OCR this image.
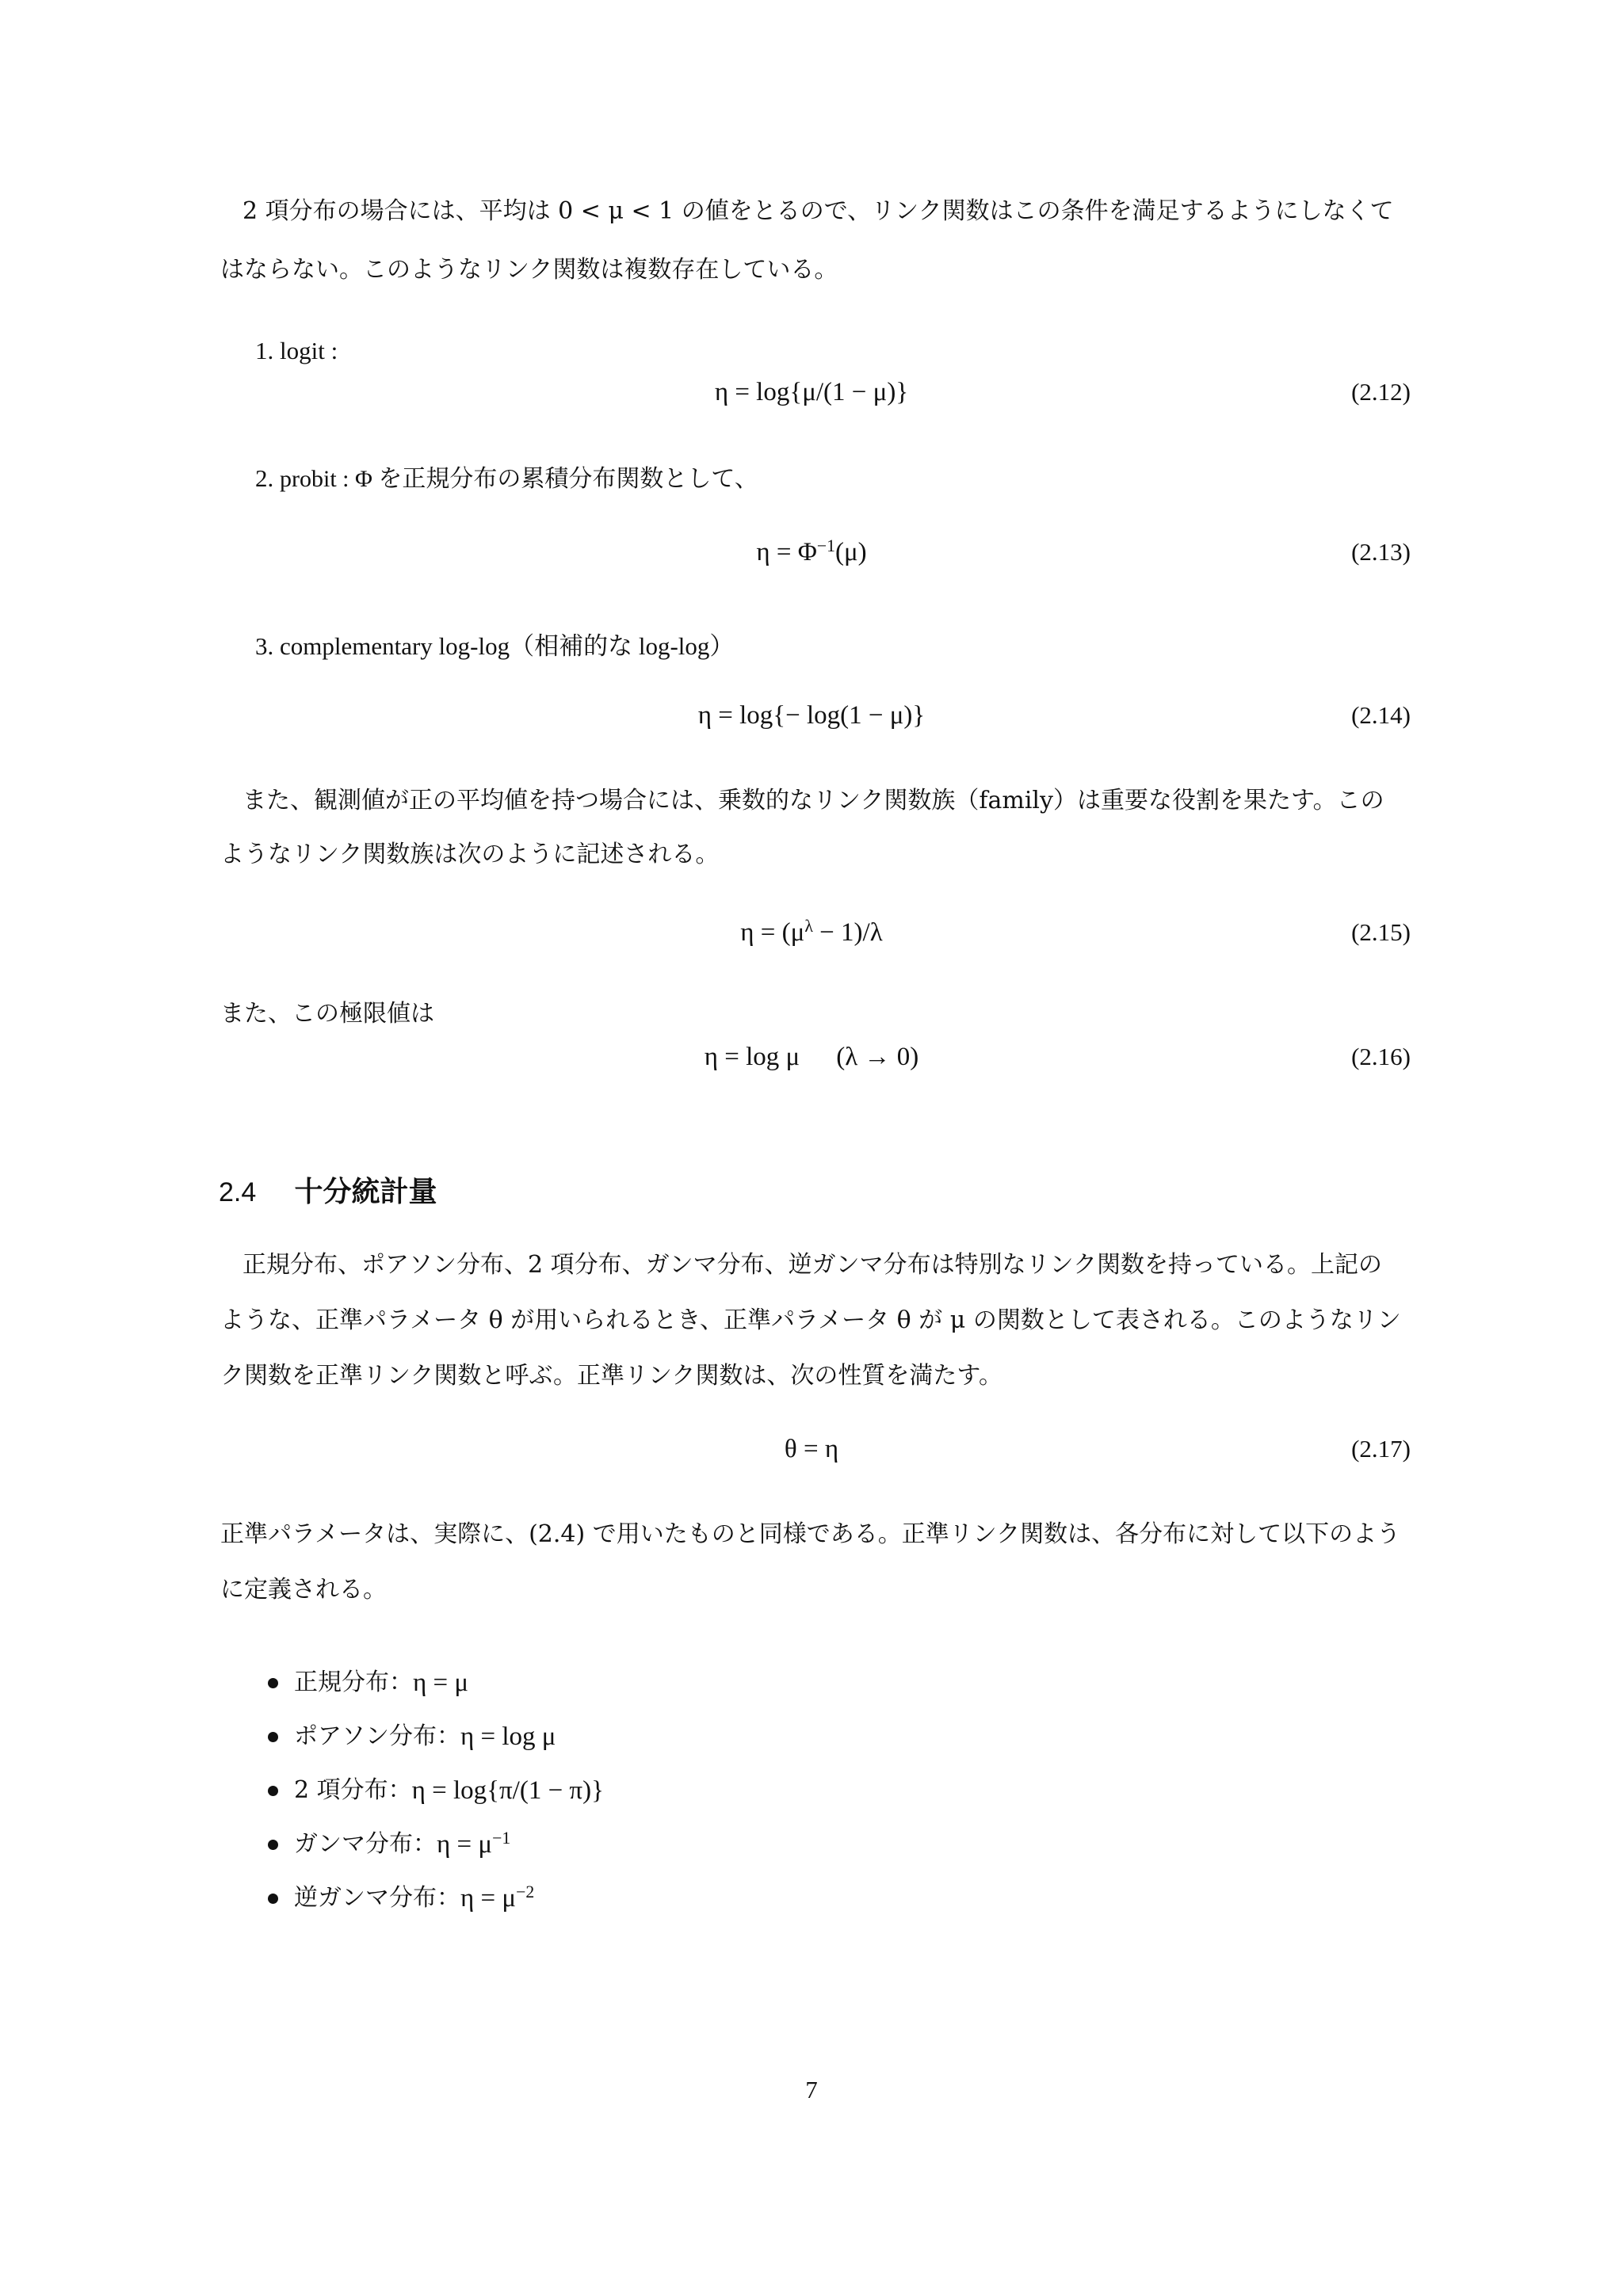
2 項分布の場合には、平均は 0 < μ < 1 の値をとるので、リンク関数はこの条件を満足するようにしなくて
はならない。このようなリンク関数は複数存在している。
1. logit :
η = log{μ/(1 − μ)}	(2.12)
2. probit : Φ を正規分布の累積分布関数として、
$\eta = \Phi^{-1}(\mu)$	(2.13)
3. complementary log-log（相補的な log-log）
η = log{− log(1 − μ)}	(2.14)
また、観測値が正の平均値を持つ場合には、乗数的なリンク関数族（family）は重要な役割を果たす。この
ようなリンク関数族は次のように記述される。
$\eta = (\mu^\lambda - 1)/\lambda$	(2.15)
また、この極限値は
η = log μ (λ → 0)	(2.16)
2.4 十分統計量
正規分布、ポアソン分布、2 項分布、ガンマ分布、逆ガンマ分布は特別なリンク関数を持っている。上記の
ような、正準パラメータ θ が用いられるとき、正準パラメータ θ が μ の関数として表される。このようなリン
ク関数を正準リンク関数と呼ぶ。正準リンク関数は、次の性質を満たす。
θ = η	(2.17)
正準パラメータは、実際に、(2.4) で用いたものと同様である。正準リンク関数は、各分布に対して以下のよう
に定義される。
正規分布 ： η = μ
ポアソン分布 ： η = log μ
2 項分布 ： η = log{π/(1 − π)}
ガンマ分布 ： $\eta = \mu^{-1}$
逆ガンマ分布 ： $\eta = \mu^{-2}$
7
